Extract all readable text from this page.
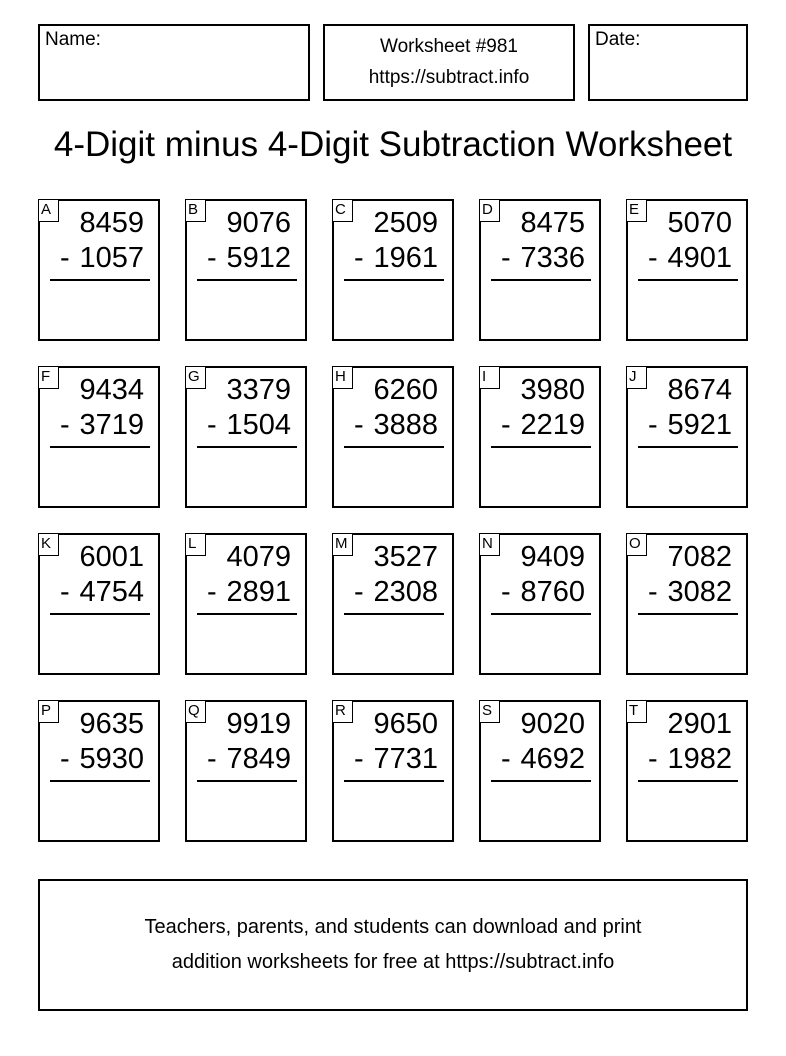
Name:	Worksheet #981
https://subtract.info
Date:
4-Digit minus 4-Digit Subtraction Worksheet
A 8459
- 1057
B 9076
- 5912
C 2509
- 1961
D 8475
- 7336
E 5070
- 4901
F	9434
- 3719
G 3379
- 1504
H 6260
- 3888
I	3980
- 2219
J	8674
- 5921
K 6001
- 4754
L	4079
- 2891
M 3527
- 2308
N 9409
- 8760
O 7082
- 3082
P 9635
- 5930
Q 9919
- 7849
R 9650
- 7731
S 9020
- 4692
T	2901
- 1982
Teachers, parents, and students can download and print
addition worksheets for free at https://subtract.info
